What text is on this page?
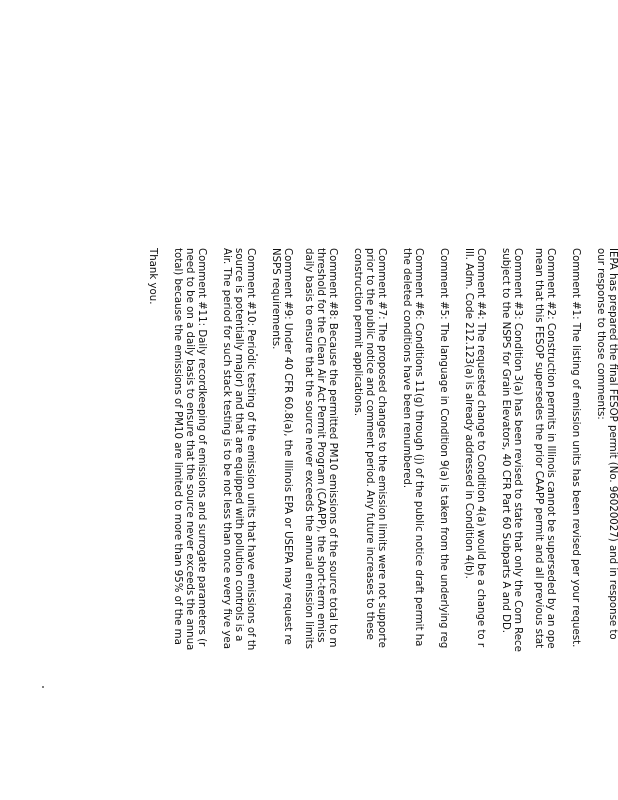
IEPA has prepared the final FESOP permit (No. 96020027) and in response to

our response to those comments:

Comment #1: The listing of emission units has been revised per your request.

Comment #2: Construction permits in Illinois cannot be superseded by an ope

mean that this FESOP supersedes the prior CAAPP permit and all previous stat

Comment #3: Condition 3(a) has been revised to state that only the Corn Rece

subject to the NSPS for Grain Elevators, 40 CFR Part 60 Subparts A and DD.

Comment #4: The requested change to Condition 4(a) would be a change to r

Ill. Adm. Code 212.123(a) is already addressed in Condition 4(b).

Comment #5: The language in Condition 9(a) is taken from the underlying reg

Comment #6: Conditions 11(g) through (j) of the public notice draft permit ha

the deleted conditions have been renumbered.

Comment #7: The proposed changes to the emission limits were not supporte

prior to the public notice and comment period. Any future increases to these

construction permit applications.

Comment #8: Because the permitted PM10 emissions of the source total to m

threshold for the Clean Air Act Permit Program (CAAPP), the short-term emiss

daily basis to ensure that the source never exceeds the annual emission limits

Comment #9: Under 40 CFR 60.8(a), the Illinois EPA or USEPA may request re

NSPS requirements.

Comment #10: Periodic testing of the emission units that have emissions of th

source is potentially major) and that are equipped with pollution controls is a

Air. The period for such stack testing is to be not less than once every five yea

Comment #11: Daily recordkeeping of emissions and surrogate parameters (r

need to be on a daily basis to ensure that the source never exceeds the annua

total) because the emissions of PM10 are limited to more than 95% of the ma

Thank you.
